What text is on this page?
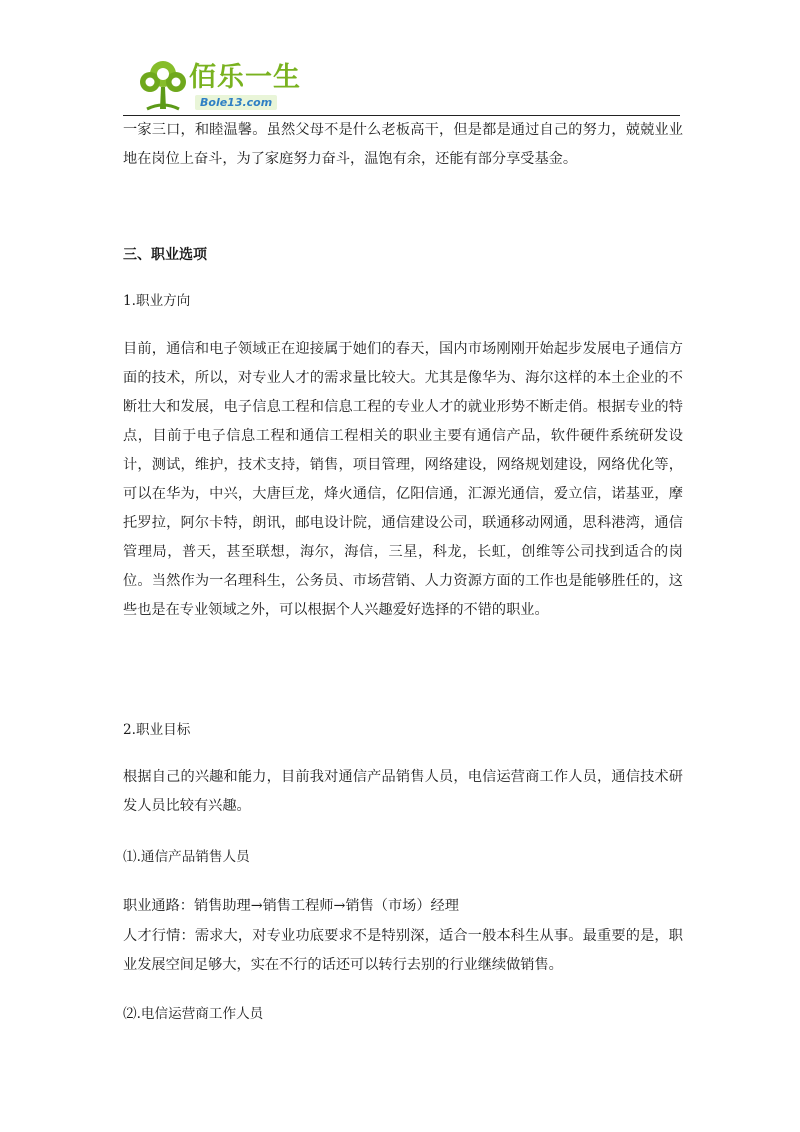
佰乐一生
Bole13.com

一家三口，和睦温馨。虽然父母不是什么老板高干，但是都是通过自己的努力，兢兢业业地在岗位上奋斗，为了家庭努力奋斗，温饱有余，还能有部分享受基金。

三、职业选项

1.职业方向

目前，通信和电子领域正在迎接属于她们的春天，国内市场刚刚开始起步发展电子通信方面的技术，所以，对专业人才的需求量比较大。尤其是像华为、海尔这样的本土企业的不断壮大和发展，电子信息工程和信息工程的专业人才的就业形势不断走俏。根据专业的特点，目前于电子信息工程和通信工程相关的职业主要有通信产品，软件硬件系统研发设计，测试，维护，技术支持，销售，项目管理，网络建设，网络规划建设，网络优化等，可以在华为，中兴，大唐巨龙，烽火通信，亿阳信通，汇源光通信，爱立信，诺基亚，摩托罗拉，阿尔卡特，朗讯，邮电设计院，通信建设公司，联通移动网通，思科港湾，通信管理局，普天，甚至联想，海尔，海信，三星，科龙，长虹，创维等公司找到适合的岗位。当然作为一名理科生，公务员、市场营销、人力资源方面的工作也是能够胜任的，这些也是在专业领域之外，可以根据个人兴趣爱好选择的不错的职业。

2.职业目标

根据自己的兴趣和能力，目前我对通信产品销售人员，电信运营商工作人员，通信技术研发人员比较有兴趣。

⑴.通信产品销售人员

职业通路：销售助理→销售工程师→销售（市场）经理

人才行情：需求大，对专业功底要求不是特别深，适合一般本科生从事。最重要的是，职业发展空间足够大，实在不行的话还可以转行去别的行业继续做销售。

⑵.电信运营商工作人员
